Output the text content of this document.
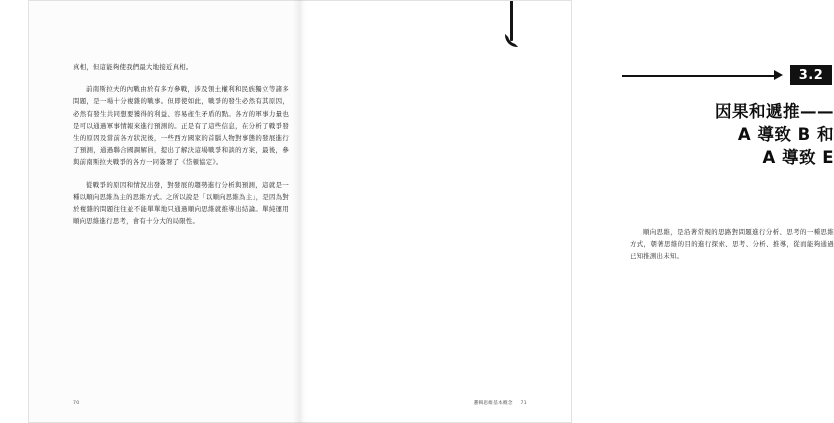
真相，但這能夠使我們最大地接近真相。

前南斯拉夫的內戰由於有多方參戰，涉及領土權利和民族獨立等諸多問題，是一場十分複雜的戰事。但即使如此，戰爭的發生必然有其原因，必然有發生共同想要獲得的利益、容易產生矛盾的點。各方的軍事力量也是可以通過軍事情報來進行預測的。正是有了這些信息，在分析了戰爭發生的原因及當前各方狀況後，一些西方國家的首腦人物對事態的發展進行了預測，通過聯合國調解員，提出了解決這場戰爭和談的方案，最後，參與前南斯拉夫戰爭的各方一同簽署了《岱頓協定》。

從戰爭的原因和情況出發，對發展的趨勢進行分析與預測，這就是一種以順向思維為主的思維方式。之所以說是「以順向思維為主」，是因為對於複雜的問題往往並不能單單地只通過順向思維就推導出結論。單純運用順向思維進行思考，會有十分大的局限性。

70
3.2
因果和遞推——
A 導致 B 和
A 導致 E

順向思維，是沿著常規的思路對問題進行分析、思考的一種思維方式，朝著思維的目的進行探索、思考、分析、推導，從而能夠通過已知推測出未知。

邏輯思維基本概念 71
